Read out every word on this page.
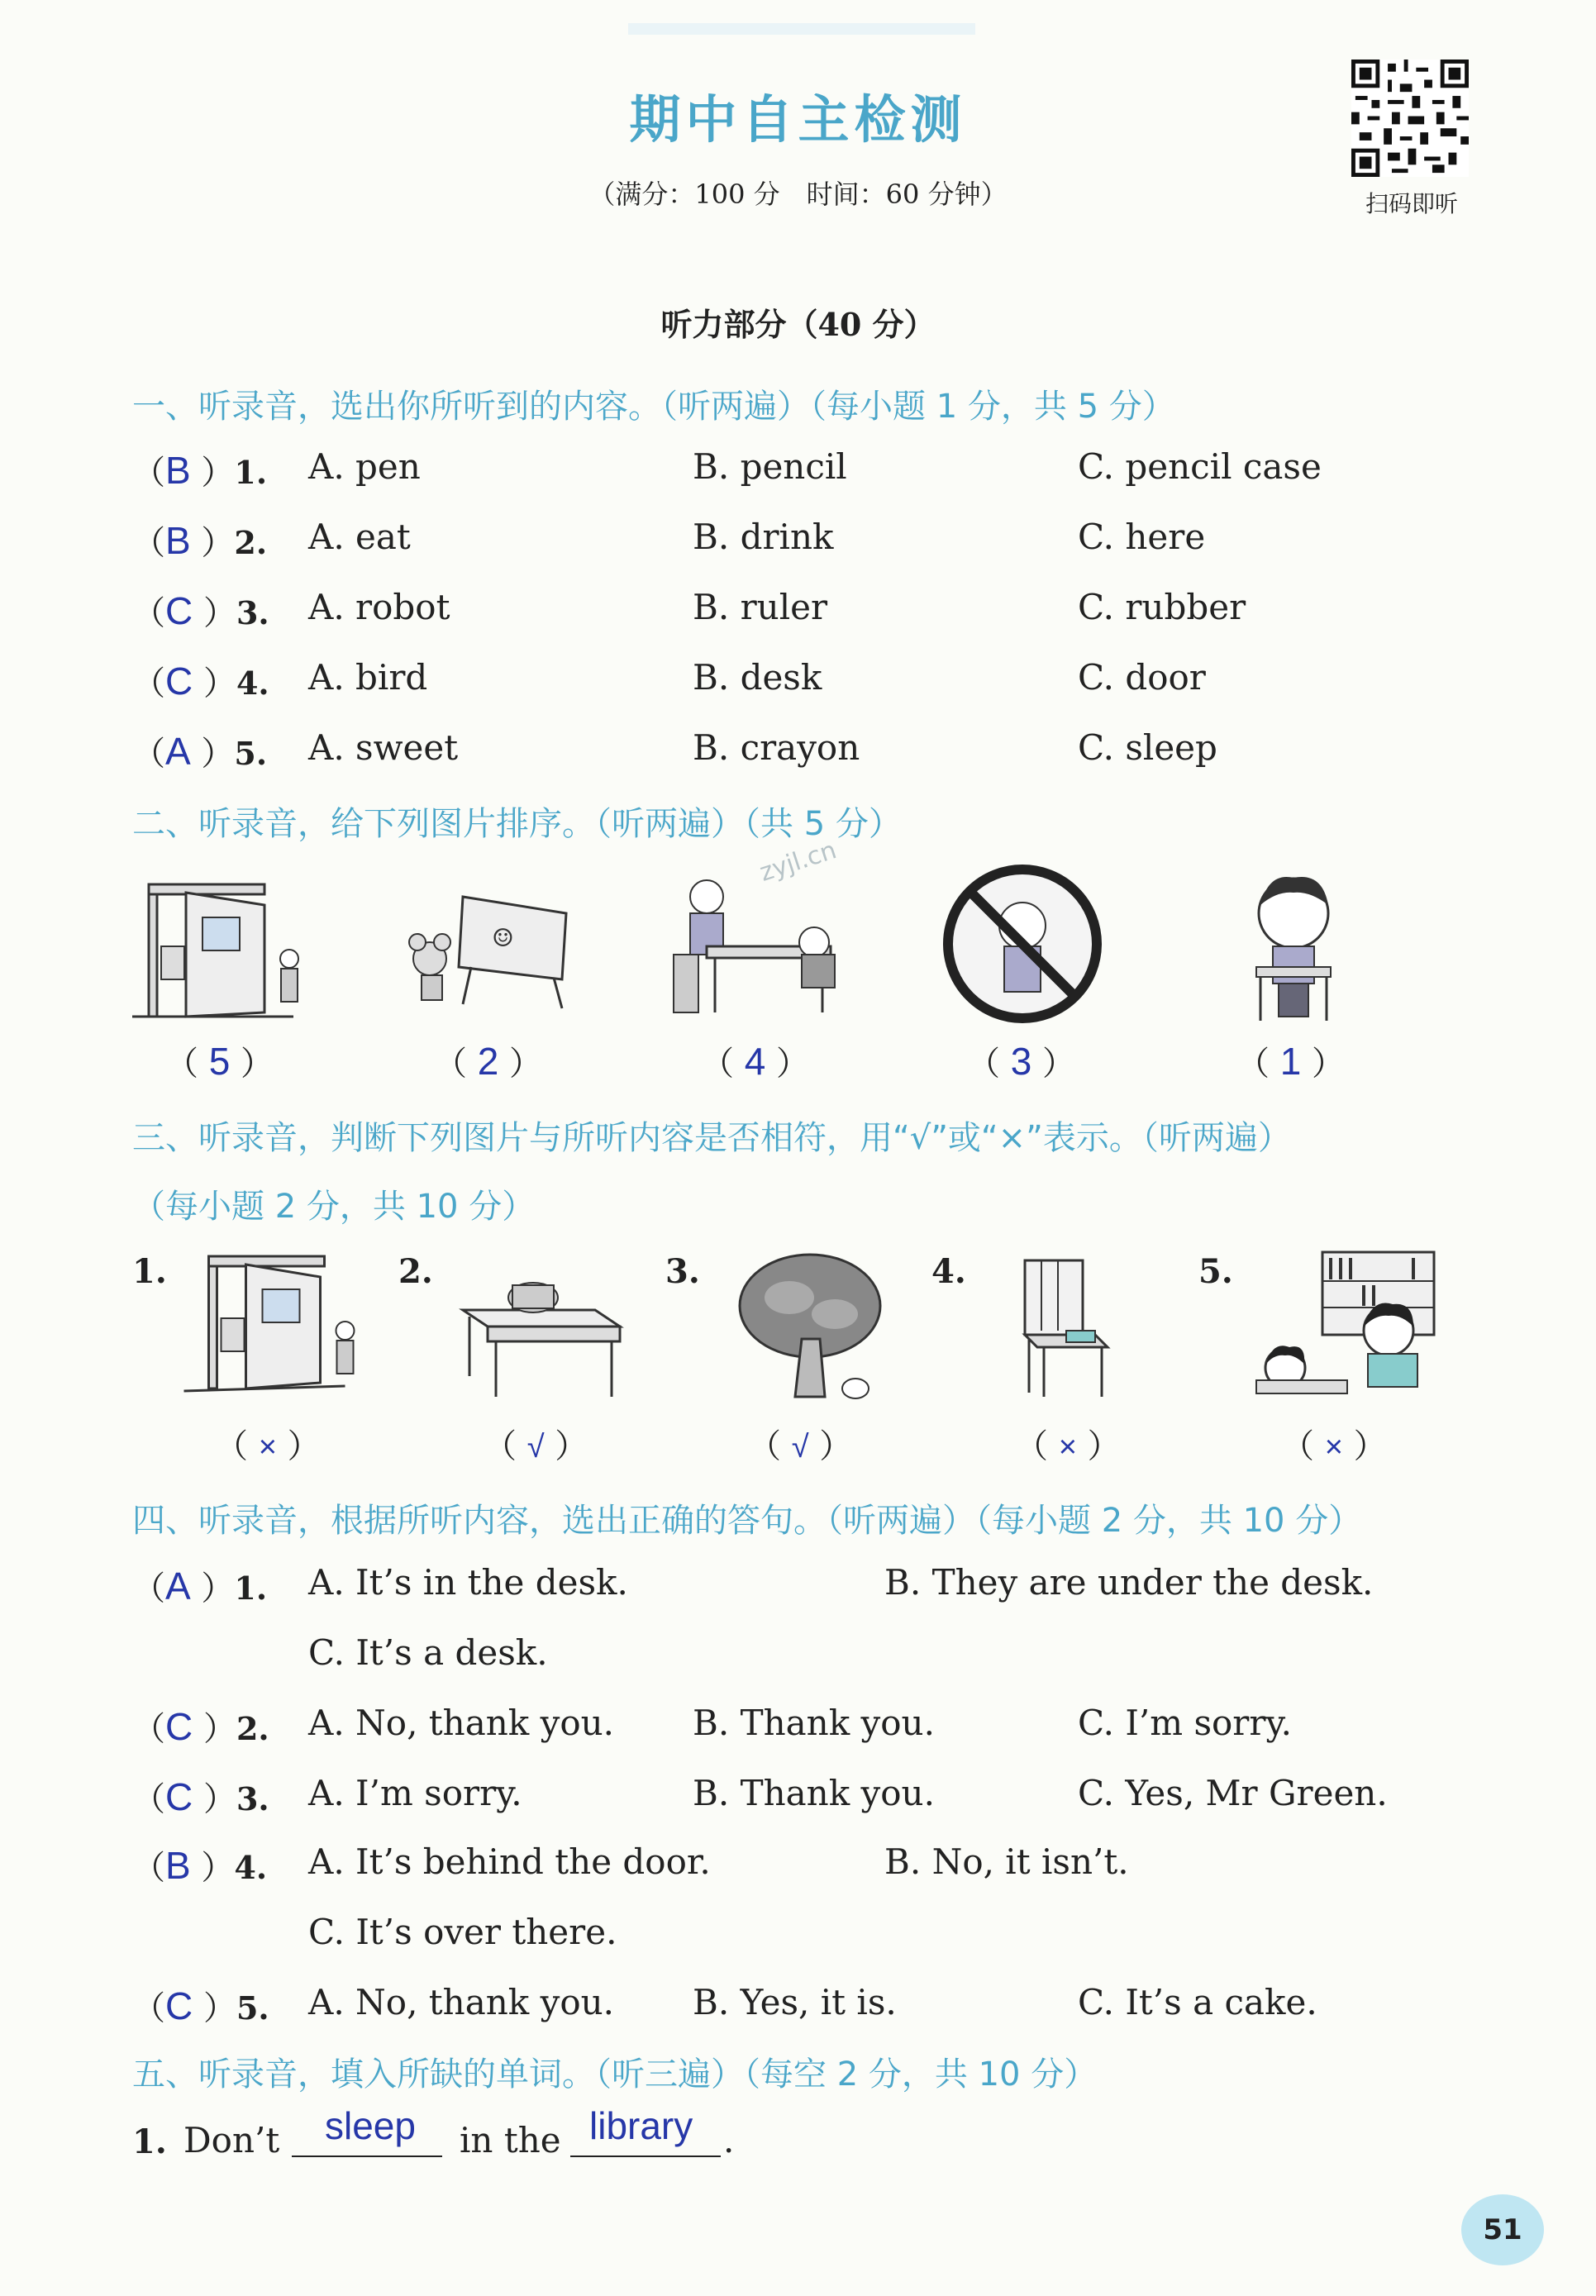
期中自主检测
（满分：100 分　时间：60 分钟）	扫码即听
听力部分（40 分）
一、听录音，选出你所听到的内容。（听两遍）（每小题 1 分，共 5 分）
（B ）1. A. pen	B. pencil	C. pencil case
（B ）2. A. eat	B. drink	C. here
（C ）3. A. robot	B. ruler	C. rubber
（C ）4. A. bird	B. desk	C. door
（A ）5. A. sweet	B. crayon	C. sleep
二、听录音，给下列图片排序。（听两遍）（共 5 分）
zyjl.cn
☺
（ 5 ）	（ 2 ）	（ 4 ）	（ 3 ）	（ 1 ）
三、听录音，判断下列图片与所听内容是否相符，用“√”或“×”表示。（听两遍）
（每小题 2 分，共 10 分）
1.	2.	3.	4.	5.
（ × ）	（ √ ）	（ √ ）	（ × ）	（ × ）
四、听录音，根据所听内容，选出正确的答句。（听两遍）（每小题 2 分，共 10 分）
（A ）1. A. It’s in the desk.	B. They are under the desk.
C. It’s a desk.
（C ）2. A. No, thank you. B. Thank you.	C. I’m sorry.
（C ）3. A. I’m sorry.	B. Thank you.	C. Yes, Mr Green.
（B ）4. A. It’s behind the door.	B. No, it isn’t.
C. It’s over there.
（C ）5. A. No, thank you. B. Yes, it is.	C. It’s a cake.
五、听录音，填入所缺的单词。（听三遍）（每空 2 分，共 10 分）
1. Don’t sleep in the library .
51
